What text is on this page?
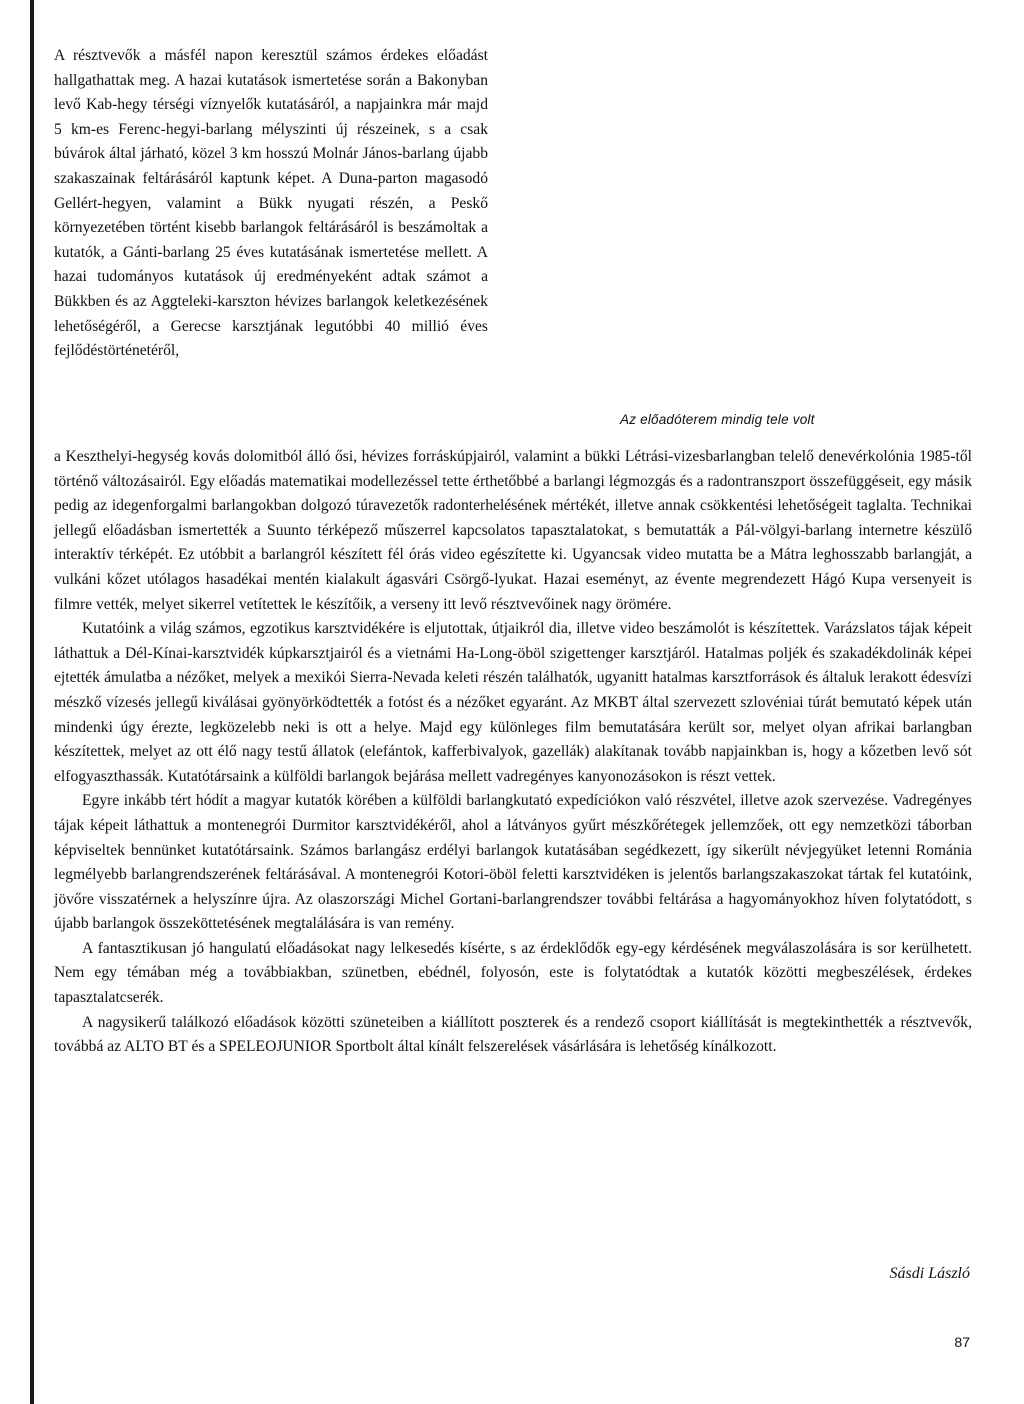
A résztvevők a másfél napon keresztül számos érdekes előadást hallgathattak meg. A hazai kutatások ismertetése során a Bakonyban levő Kab-hegy térségi víznyelők kutatásáról, a napjainkra már majd 5 km-es Ferenc-hegyi-barlang mélyszinti új részeinek, s a csak búvárok által járható, közel 3 km hosszú Molnár János-barlang újabb szakaszainak feltárásáról kaptunk képet. A Duna-parton magasodó Gellért-hegyen, valamint a Bükk nyugati részén, a Peskő környezetében történt kisebb barlangok feltárásáról is beszámoltak a kutatók, a Gánti-barlang 25 éves kutatásának ismertetése mellett. A hazai tudományos kutatások új eredményeként adtak számot a Bükkben és az Aggteleki-karszton hévizes barlangok keletkezésének lehetőségéről, a Gerecse karsztjának legutóbbi 40 millió éves fejlődéstörténetéről,

Az előadóterem mindig tele volt

a Keszthelyi-hegység kovás dolomitból álló ősi, hévizes forráskúpjairól, valamint a bükki Létrási-vizesbarlangban telelő denevérkolónia 1985-től történő változásairól. Egy előadás matematikai modellezéssel tette érthetőbbé a barlangi légmozgás és a radontranszport összefüggéseit, egy másik pedig az idegenforgalmi barlangokban dolgozó túravezetők radonterhelésének mértékét, illetve annak csökkentési lehetőségeit taglalta. Technikai jellegű előadásban ismertették a Suunto térképező műszerrel kapcsolatos tapasztalatokat, s bemutatták a Pál-völgyi-barlang internetre készülő interaktív térképét. Ez utóbbit a barlangról készített fél órás video egészítette ki. Ugyancsak video mutatta be a Mátra leghosszabb barlangját, a vulkáni kőzet utólagos hasadékai mentén kialakult ágasvári Csörgő-lyukat. Hazai eseményt, az évente megrendezett Hágó Kupa versenyeit is filmre vették, melyet sikerrel vetítettek le készítőik, a verseny itt levő résztvevőinek nagy örömére.

Kutatóink a világ számos, egzotikus karsztvidékére is eljutottak, útjaikról dia, illetve video beszámolót is készítettek. Varázslatos tájak képeit láthattuk a Dél-Kínai-karsztvidék kúpkarsztjairól és a vietnámi Ha-Long-öböl szigettenger karsztjáról. Hatalmas poljék és szakadékdolinák képei ejtették ámulatba a nézőket, melyek a mexikói Sierra-Nevada keleti részén találhatók, ugyanitt hatalmas karsztforrások és általuk lerakott édesvízi mészkő vízesés jellegű kiválásai gyönyörködtették a fotóst és a nézőket egyaránt. Az MKBT által szervezett szlovéniai túrát bemutató képek után mindenki úgy érezte, legközelebb neki is ott a helye. Majd egy különleges film bemutatására került sor, melyet olyan afrikai barlangban készítettek, melyet az ott élő nagy testű állatok (elefántok, kafferbivalyok, gazellák) alakítanak tovább napjainkban is, hogy a kőzetben levő sót elfogyaszthassák. Kutatótársaink a külföldi barlangok bejárása mellett vadregényes kanyonozásokon is részt vettek.

Egyre inkább tért hódít a magyar kutatók körében a külföldi barlangkutató expedíciókon való részvétel, illetve azok szervezése. Vadregényes tájak képeit láthattuk a montenegrói Durmitor karsztvidékéről, ahol a látványos gyűrt mészkőrétegek jellemzőek, ott egy nemzetközi táborban képviseltek bennünket kutatótársaink. Számos barlangász erdélyi barlangok kutatásában segédkezett, így sikerült névjegyüket letenni Románia legmélyebb barlangrendszerének feltárásával. A montenegrói Kotori-öböl feletti karsztvidéken is jelentős barlangszakaszokat tártak fel kutatóink, jövőre visszatérnek a helyszínre újra. Az olaszországi Michel Gortani-barlangrendszer további feltárása a hagyományokhoz híven folytatódott, s újabb barlangok összeköttetésének megtalálására is van remény.

A fantasztikusan jó hangulatú előadásokat nagy lelkesedés kísérte, s az érdeklődők egy-egy kérdésének megválaszolására is sor kerülhetett. Nem egy témában még a továbbiakban, szünetben, ebédnél, folyosón, este is folytatódtak a kutatók közötti megbeszélések, érdekes tapasztalatcserék.

A nagysikerű találkozó előadások közötti szüneteiben a kiállított poszterek és a rendező csoport kiállítását is megtekinthették a résztvevők, továbbá az ALTO BT és a SPELEOJUNIOR Sportbolt által kínált felszerelések vásárlására is lehetőség kínálkozott.

Sásdi László
87
